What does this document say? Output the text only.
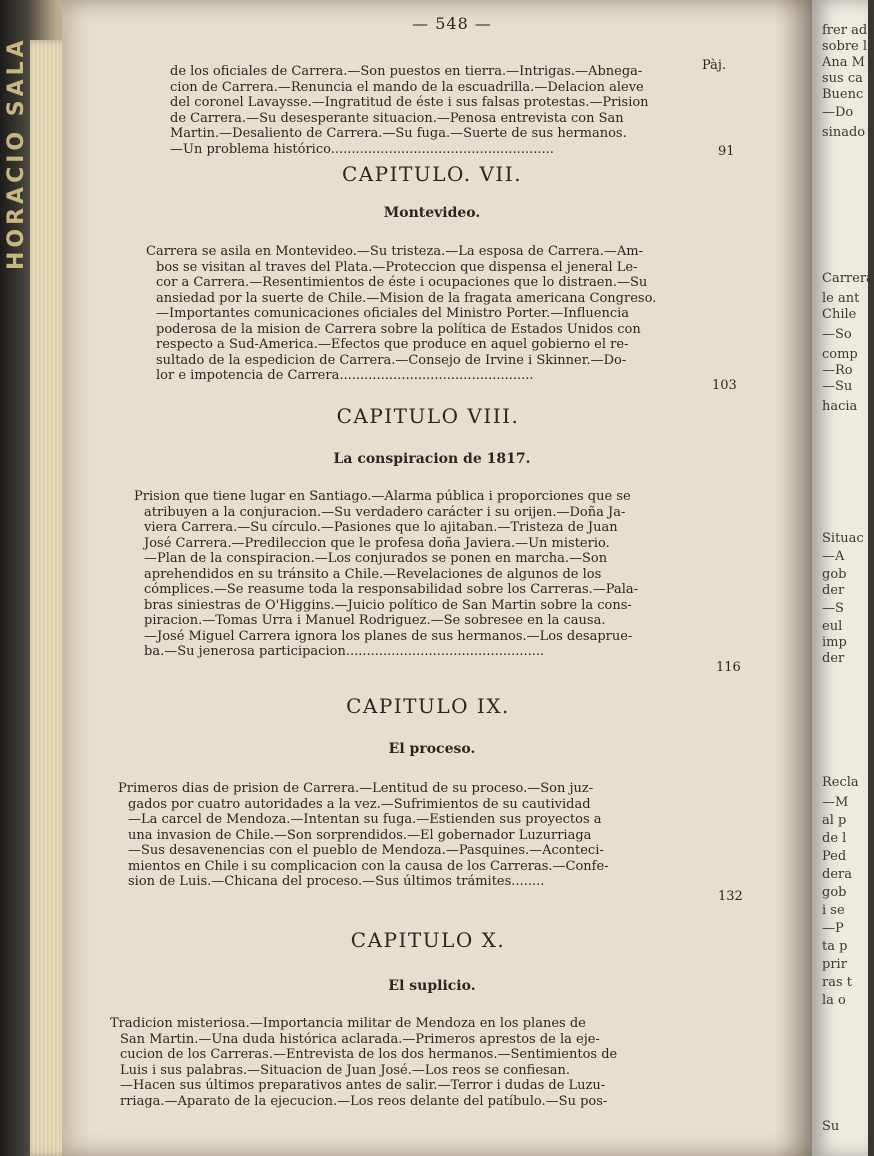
HORACIO SALA
— 548 —
Pàj.
de los oficiales de Carrera.—Son puestos en tierra.—Intrigas.—Abnega-
cion de Carrera.—Renuncia el mando de la escuadrilla.—Delacion aleve
del coronel Lavaysse.—Ingratitud de éste i sus falsas protestas.—Prision
de Carrera.—Su desesperante situacion.—Penosa entrevista con San
Martin.—Desaliento de Carrera.—Su fuga.—Suerte de sus hermanos.
—Un problema histórico......................................................	91
CAPITULO. VII.
Montevideo.
Carrera se asila en Montevideo.—Su tristeza.—La esposa de Carrera.—Am-
bos se visitan al traves del Plata.—Proteccion que dispensa el jeneral Le-
cor a Carrera.—Resentimientos de éste i ocupaciones que lo distraen.—Su
ansiedad por la suerte de Chile.—Mision de la fragata americana Congreso.
—Importantes comunicaciones oficiales del Ministro Porter.—Influencia
poderosa de la mision de Carrera sobre la política de Estados Unidos con
respecto a Sud-America.—Efectos que produce en aquel gobierno el re-
sultado de la espedicion de Carrera.—Consejo de Irvine i Skinner.—Do-
lor e impotencia de Carrera...............................................
103
CAPITULO VIII.
La conspiracion de 1817.
Prision que tiene lugar en Santiago.—Alarma pública i proporciones que se
atribuyen a la conjuracion.—Su verdadero carácter i su orijen.—Doña Ja-
viera Carrera.—Su círculo.—Pasiones que lo ajitaban.—Tristeza de Juan
José Carrera.—Predileccion que le profesa doña Javiera.—Un misterio.
—Plan de la conspiracion.—Los conjurados se ponen en marcha.—Son
aprehendidos en su tránsito a Chile.—Revelaciones de algunos de los
cómplices.—Se reasume toda la responsabilidad sobre los Carreras.—Pala-
bras siniestras de O'Higgins.—Juicio político de San Martin sobre la cons-
piracion.—Tomas Urra i Manuel Rodriguez.—Se sobresee en la causa.
—José Miguel Carrera ignora los planes de sus hermanos.—Los desaprue-
ba.—Su jenerosa participacion................................................
116
CAPITULO IX.
El proceso.
Primeros dias de prision de Carrera.—Lentitud de su proceso.—Son juz-
gados por cuatro autoridades a la vez.—Sufrimientos de su cautividad
—La carcel de Mendoza.—Intentan su fuga.—Estienden sus proyectos a
una invasion de Chile.—Son sorprendidos.—El gobernador Luzurriaga
—Sus desavenencias con el pueblo de Mendoza.—Pasquines.—Aconteci-
mientos en Chile i su complicacion con la causa de los Carreras.—Confe-
sion de Luis.—Chicana del proceso.—Sus últimos trámites........
132
CAPITULO X.
El suplicio.
Tradicion misteriosa.—Importancia militar de Mendoza en los planes de
San Martin.—Una duda histórica aclarada.—Primeros aprestos de la eje-
cucion de los Carreras.—Entrevista de los dos hermanos.—Sentimientos de
Luis i sus palabras.—Situacion de Juan José.—Los reos se confiesan.
—Hacen sus últimos preparativos antes de salir.—Terror i dudas de Luzu-
rriaga.—Aparato de la ejecucion.—Los reos delante del patíbulo.—Su pos-
frer ad
sobre l
Ana M
sus ca
Buenc
—Do
sinado
Carrera
le ant
Chile
—So
comp
—Ro
—Su
hacia
Situac
—A
gob
der
—S
eul
imp
der
Recla
—M
al p
de l
Ped
dera
gob
i se
—P
ta p
prir
ras t
la o
Su
